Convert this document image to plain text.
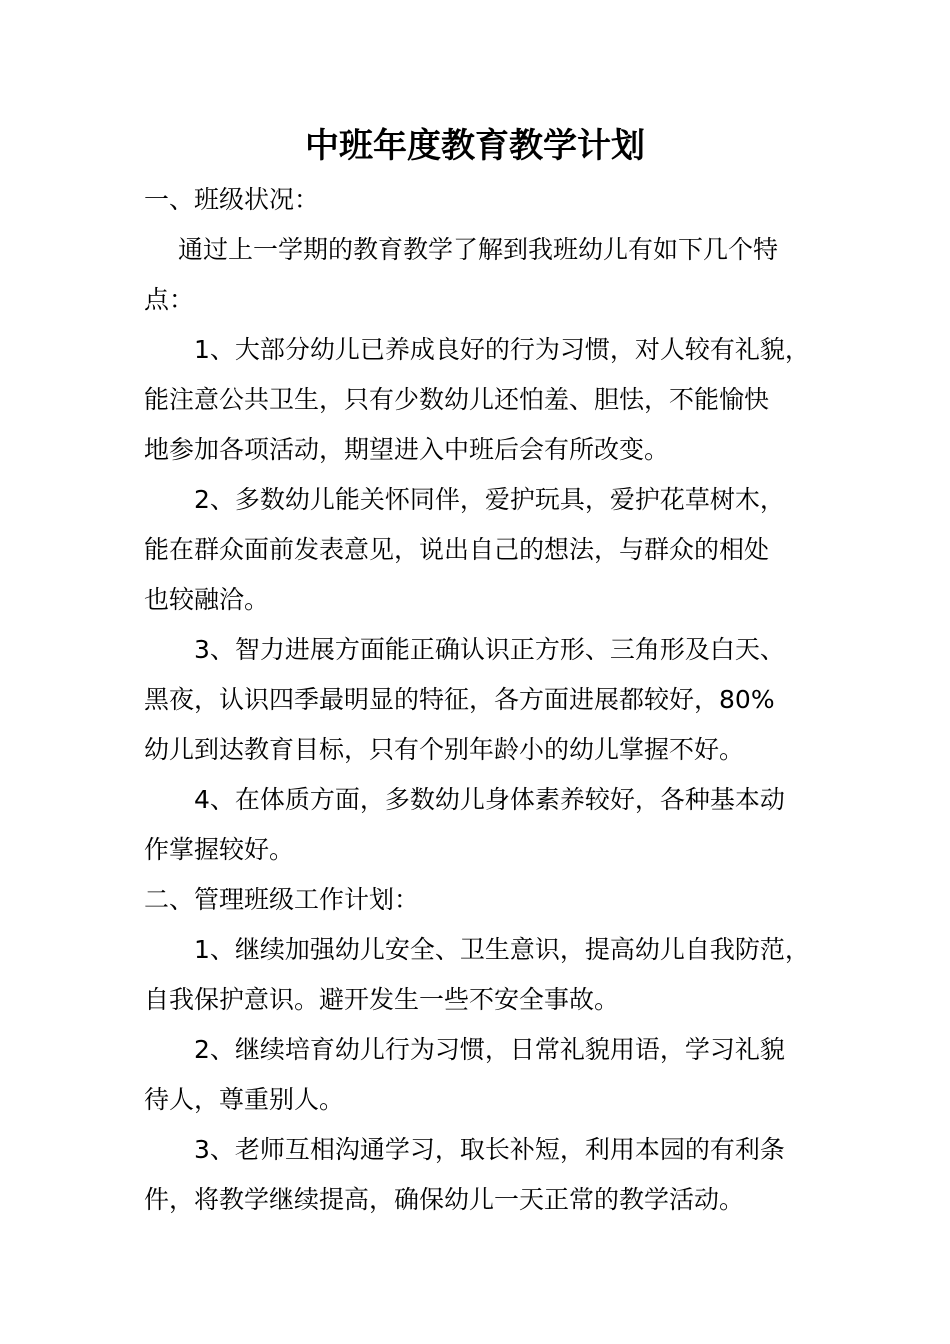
中班年度教育教学计划

一、班级状况：

通过上一学期的教育教学了解到我班幼儿有如下几个特

点：

1、大部分幼儿已养成良好的行为习惯，对人较有礼貌，

能注意公共卫生，只有少数幼儿还怕羞、胆怯，不能愉快

地参加各项活动，期望进入中班后会有所改变。

2、多数幼儿能关怀同伴，爱护玩具，爱护花草树木，

能在群众面前发表意见，说出自己的想法，与群众的相处

也较融洽。

3、智力进展方面能正确认识正方形、三角形及白天、

黑夜，认识四季最明显的特征，各方面进展都较好，80%

幼儿到达教育目标，只有个别年龄小的幼儿掌握不好。

4、在体质方面，多数幼儿身体素养较好，各种基本动

作掌握较好。

二、管理班级工作计划：

1、继续加强幼儿安全、卫生意识，提高幼儿自我防范，

自我保护意识。避开发生一些不安全事故。

2、继续培育幼儿行为习惯，日常礼貌用语，学习礼貌

待人，尊重别人。

3、老师互相沟通学习，取长补短，利用本园的有利条

件，将教学继续提高，确保幼儿一天正常的教学活动。
